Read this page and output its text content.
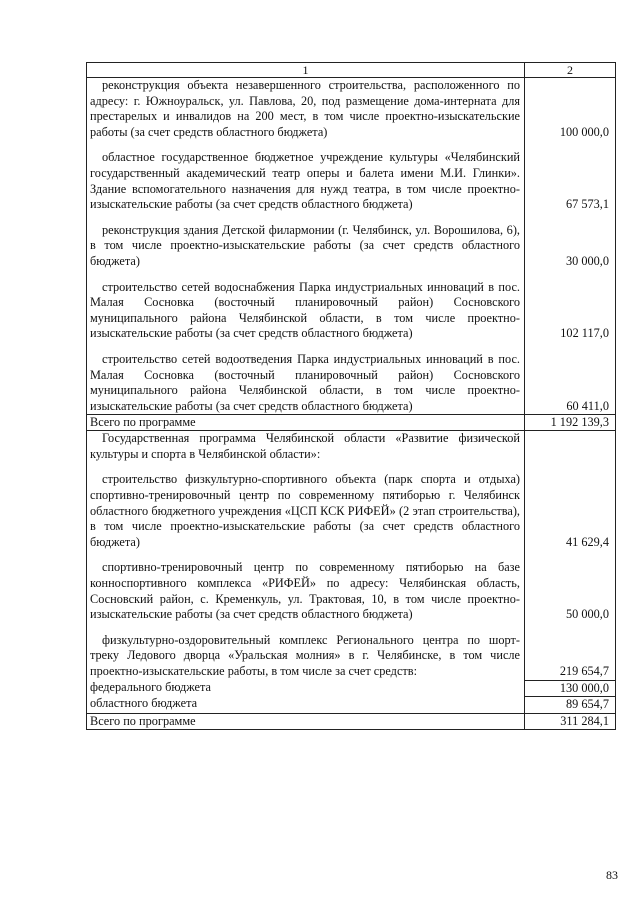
1	2
реконструкция объекта незавершенного строительства, расположенного по адресу: г. Южноуральск, ул. Павлова, 20, под размещение дома-интерната для престарелых и инвалидов на 200 мест, в том числе проектно-изыскательские работы (за счет средств областного бюджета)	100 000,0
областное государственное бюджетное учреждение культуры «Челябинский государственный академический театр оперы и балета имени М.И. Глинки». Здание вспомогательного назначения для нужд театра, в том числе проектно-изыскательские работы (за счет средств областного бюджета)	67 573,1
реконструкция здания Детской филармонии (г. Челябинск, ул. Ворошилова, 6), в том числе проектно-изыскательские работы (за счет средств областного бюджета)	30 000,0
строительство сетей водоснабжения Парка индустриальных инноваций в пос. Малая Сосновка (восточный планировочный район) Сосновского муниципального района Челябинской области, в том числе проектно-изыскательские работы (за счет средств областного бюджета)	102 117,0
строительство сетей водоотведения Парка индустриальных инноваций в пос. Малая Сосновка (восточный планировочный район) Сосновского муниципального района Челябинской области, в том числе проектно-изыскательские работы (за счет средств областного бюджета)	60 411,0
Всего по программе	1 192 139,3
Государственная программа Челябинской области «Развитие физической культуры и спорта в Челябинской области»:
строительство физкультурно-спортивного объекта (парк спорта и отдыха) спортивно-тренировочный центр по современному пятиборью г. Челябинск областного бюджетного учреждения «ЦСП КСК РИФЕЙ» (2 этап строительства), в том числе проектно-изыскательские работы (за счет средств областного бюджета)	41 629,4
спортивно-тренировочный центр по современному пятиборью на базе конноспортивного комплекса «РИФЕЙ» по адресу: Челябинская область, Сосновский район, с. Кременкуль, ул. Трактовая, 10, в том числе проектно-изыскательские работы (за счет средств областного бюджета)	50 000,0
физкультурно-оздоровительный комплекс Регионального центра по шорт-треку Ледового дворца «Уральская молния» в г. Челябинске, в том числе проектно-изыскательские работы, в том числе за счет средств:	219 654,7
федерального бюджета	130 000,0
областного бюджета	89 654,7
Всего по программе	311 284,1
83
